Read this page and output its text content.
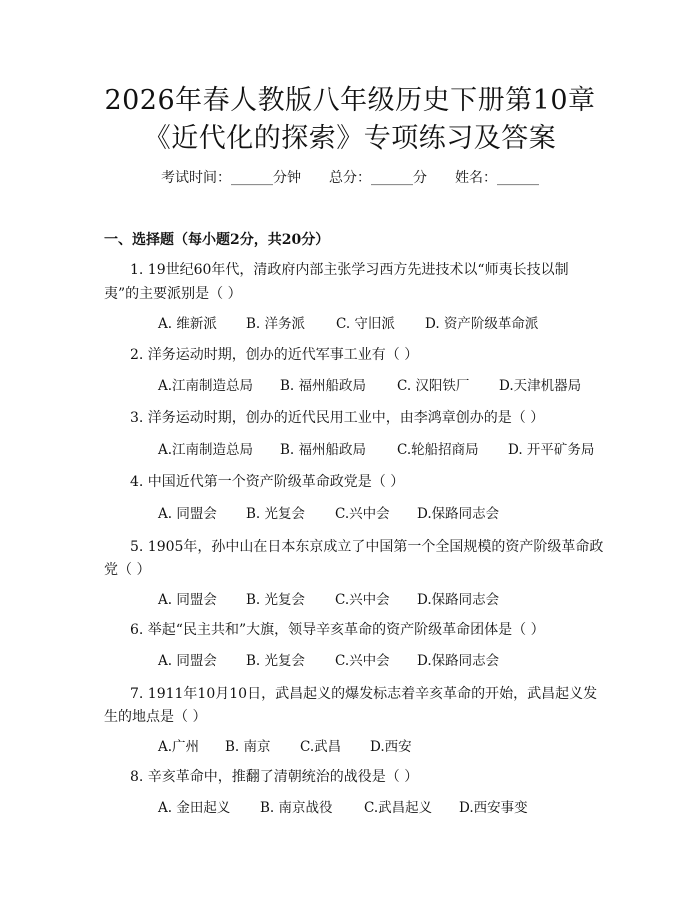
2026年春人教版八年级历史下册第10章
《近代化的探索》专项练习及答案
考试时间：______分钟 总分：______分 姓名：______
一、选择题（每小题2分，共20分）
1. 19世纪60年代，清政府内部主张学习西方先进技术以“师夷长技以制
夷”的主要派别是（ ）
A. 维新派 B. 洋务派 C. 守旧派 D. 资产阶级革命派
2. 洋务运动时期，创办的近代军事工业有（ ）
A.江南制造总局 B. 福州船政局 C. 汉阳铁厂 D.天津机器局
3. 洋务运动时期，创办的近代民用工业中，由李鸿章创办的是（ ）
A.江南制造总局 B. 福州船政局 C.轮船招商局 D. 开平矿务局
4. 中国近代第一个资产阶级革命政党是（ ）
A. 同盟会 B. 光复会 C.兴中会 D.保路同志会
5. 1905年，孙中山在日本东京成立了中国第一个全国规模的资产阶级革命政
党（ ）
A. 同盟会 B. 光复会 C.兴中会 D.保路同志会
6. 举起“民主共和”大旗，领导辛亥革命的资产阶级革命团体是（ ）
A. 同盟会 B. 光复会 C.兴中会 D.保路同志会
7. 1911年10月10日，武昌起义的爆发标志着辛亥革命的开始，武昌起义发
生的地点是（ ）
A.广州 B. 南京 C.武昌 D.西安
8. 辛亥革命中，推翻了清朝统治的战役是（ ）
A. 金田起义 B. 南京战役 C.武昌起义 D.西安事变
